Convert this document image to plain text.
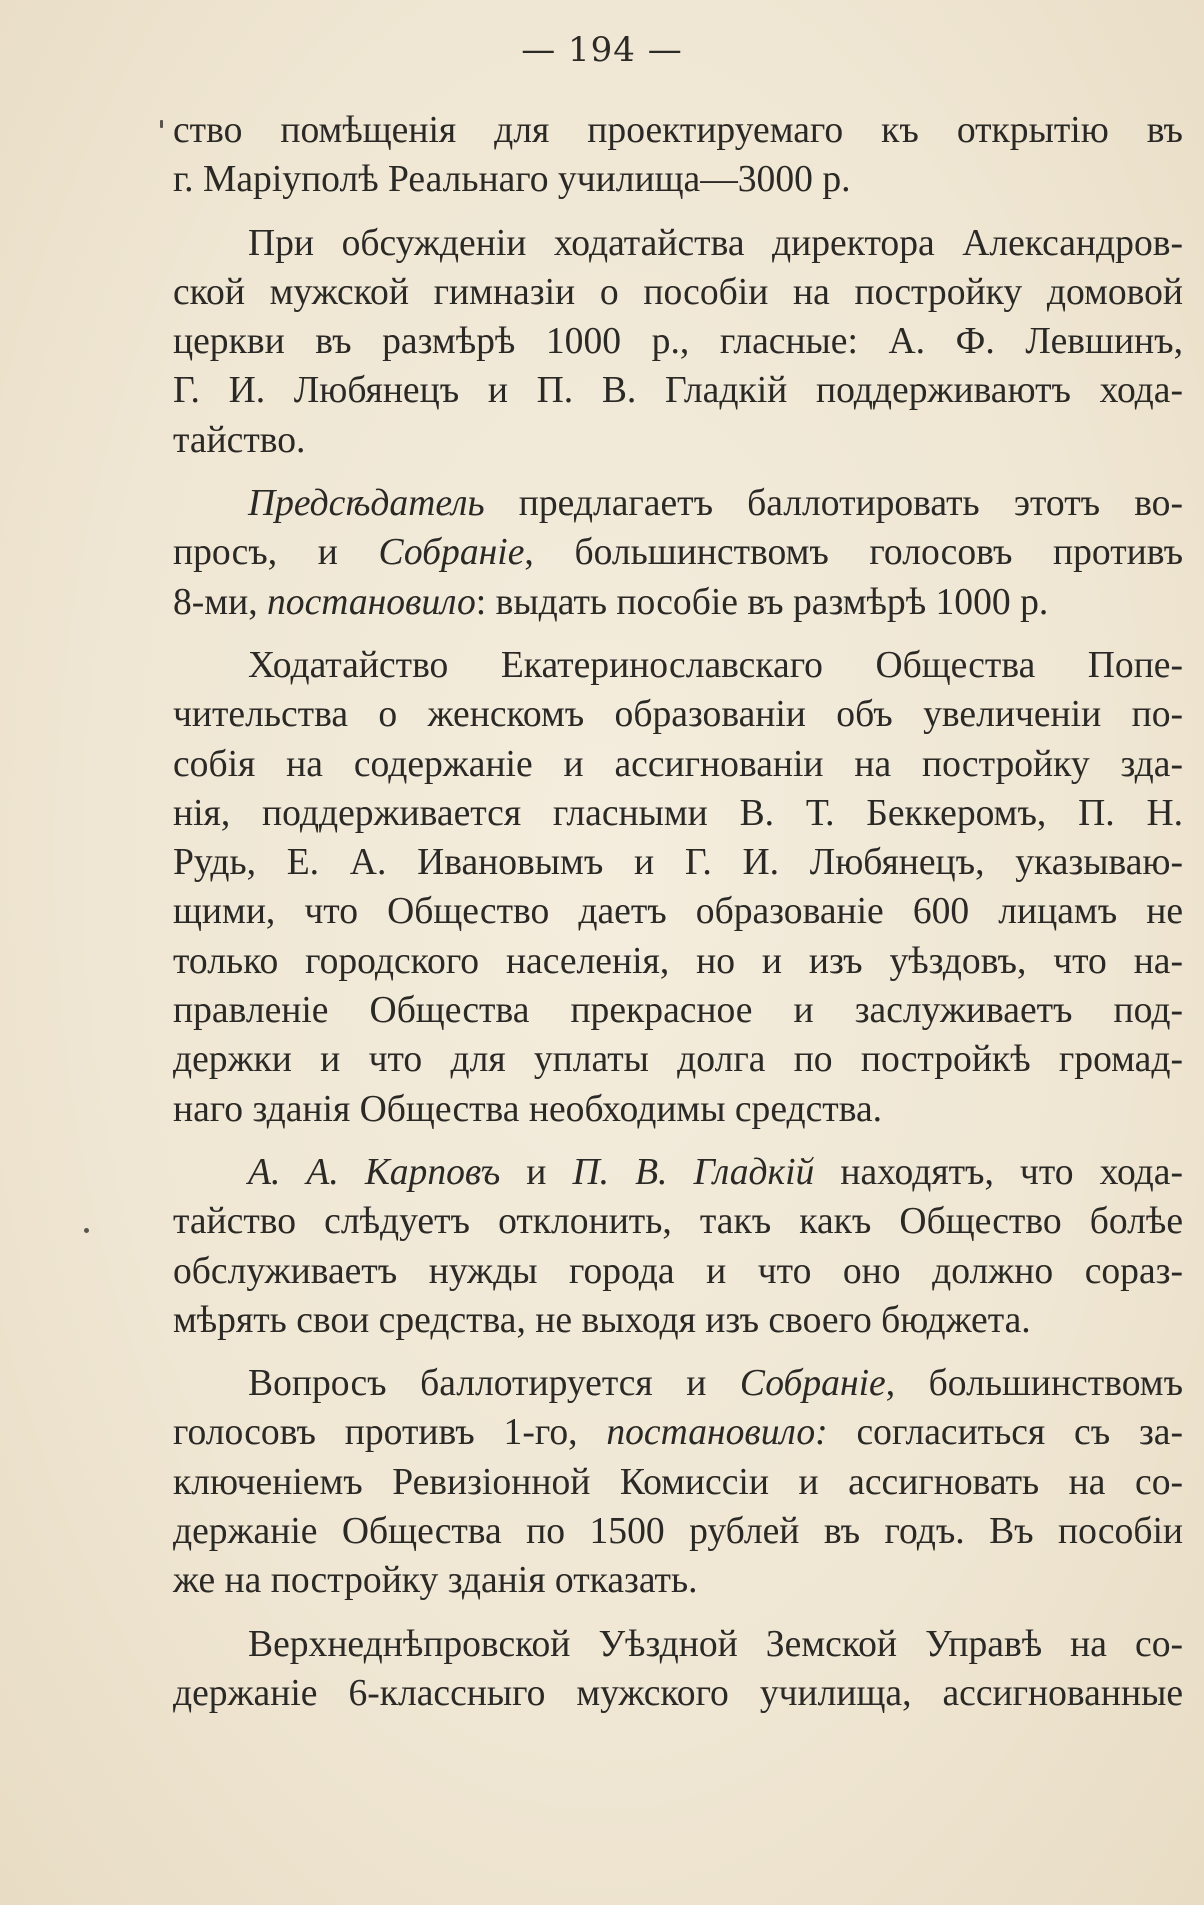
— 194 —
ство помѣщенія для проектируемаго къ открытію въ
г. Маріуполѣ Реальнаго училища—3000 р.
При обсужденіи ходатайства директора Александров-
ской мужской гимназіи о пособіи на постройку домовой
церкви въ размѣрѣ 1000 р., гласные: А. Ф. Левшинъ,
Г. И. Любянецъ и П. В. Гладкій поддерживаютъ хода-
тайство.
Предсѣдатель предлагаетъ баллотировать этотъ во-
просъ, и Собраніе, большинствомъ голосовъ противъ
8-ми, постановило: выдать пособіе въ размѣрѣ 1000 р.
Ходатайство Екатеринославскаго Общества Попе-
чительства о женскомъ образованіи объ увеличеніи по-
собія на содержаніе и ассигнованіи на постройку зда-
нія, поддерживается гласными В. Т. Беккеромъ, П. Н.
Рудь, Е. А. Ивановымъ и Г. И. Любянецъ, указываю-
щими, что Общество даетъ образованіе 600 лицамъ не
только городского населенія, но и изъ уѣздовъ, что на-
правленіе Общества прекрасное и заслуживаетъ под-
держки и что для уплаты долга по постройкѣ громад-
наго зданія Общества необходимы средства.
А. А. Карповъ и П. В. Гладкій находятъ, что хода-
тайство слѣдуетъ отклонить, такъ какъ Общество болѣе
обслуживаетъ нужды города и что оно должно сораз-
мѣрять свои средства, не выходя изъ своего бюджета.
Вопросъ баллотируется и Собраніе, большинствомъ
голосовъ противъ 1-го, постановило: согласиться съ за-
ключеніемъ Ревизіонной Комиссіи и ассигновать на со-
держаніе Общества по 1500 рублей въ годъ. Въ пособіи
же на постройку зданія отказать.
Верхнеднѣпровской Уѣздной Земской Управѣ на со-
держаніе 6-классныго мужского училища, ассигнованные
